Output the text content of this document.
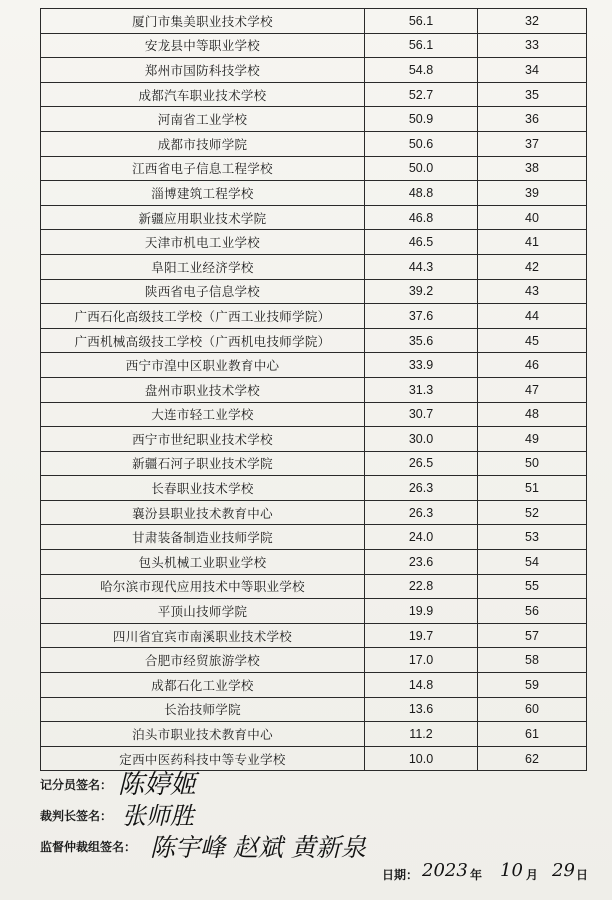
厦门市集美职业技术学校	56.1	32
安龙县中等职业学校	56.1	33
郑州市国防科技学校	54.8	34
成都汽车职业技术学校	52.7	35
河南省工业学校	50.9	36
成都市技师学院	50.6	37
江西省电子信息工程学校	50.0	38
淄博建筑工程学校	48.8	39
新疆应用职业技术学院	46.8	40
天津市机电工业学校	46.5	41
阜阳工业经济学校	44.3	42
陕西省电子信息学校	39.2	43
广西石化高级技工学校（广西工业技师学院）	37.6	44
广西机械高级技工学校（广西机电技师学院）	35.6	45
西宁市湟中区职业教育中心	33.9	46
盘州市职业技术学校	31.3	47
大连市轻工业学校	30.7	48
西宁市世纪职业技术学校	30.0	49
新疆石河子职业技术学院	26.5	50
长春职业技术学校	26.3	51
襄汾县职业技术教育中心	26.3	52
甘肃装备制造业技师学院	24.0	53
包头机械工业职业学校	23.6	54
哈尔滨市现代应用技术中等职业学校	22.8	55
平顶山技师学院	19.9	56
四川省宜宾市南溪职业技术学校	19.7	57
合肥市经贸旅游学校	17.0	58
成都石化工业学校	14.8	59
长治技师学院	13.6	60
泊头市职业技术教育中心	11.2	61
定西中医药科技中等专业学校	10.0	62
记分员签名： 陈婷姬
裁判长签名： 张师胜
监督仲裁组签名： 陈宇峰 赵斌 黄新泉
日期： 2023 年 10 月 29 日
